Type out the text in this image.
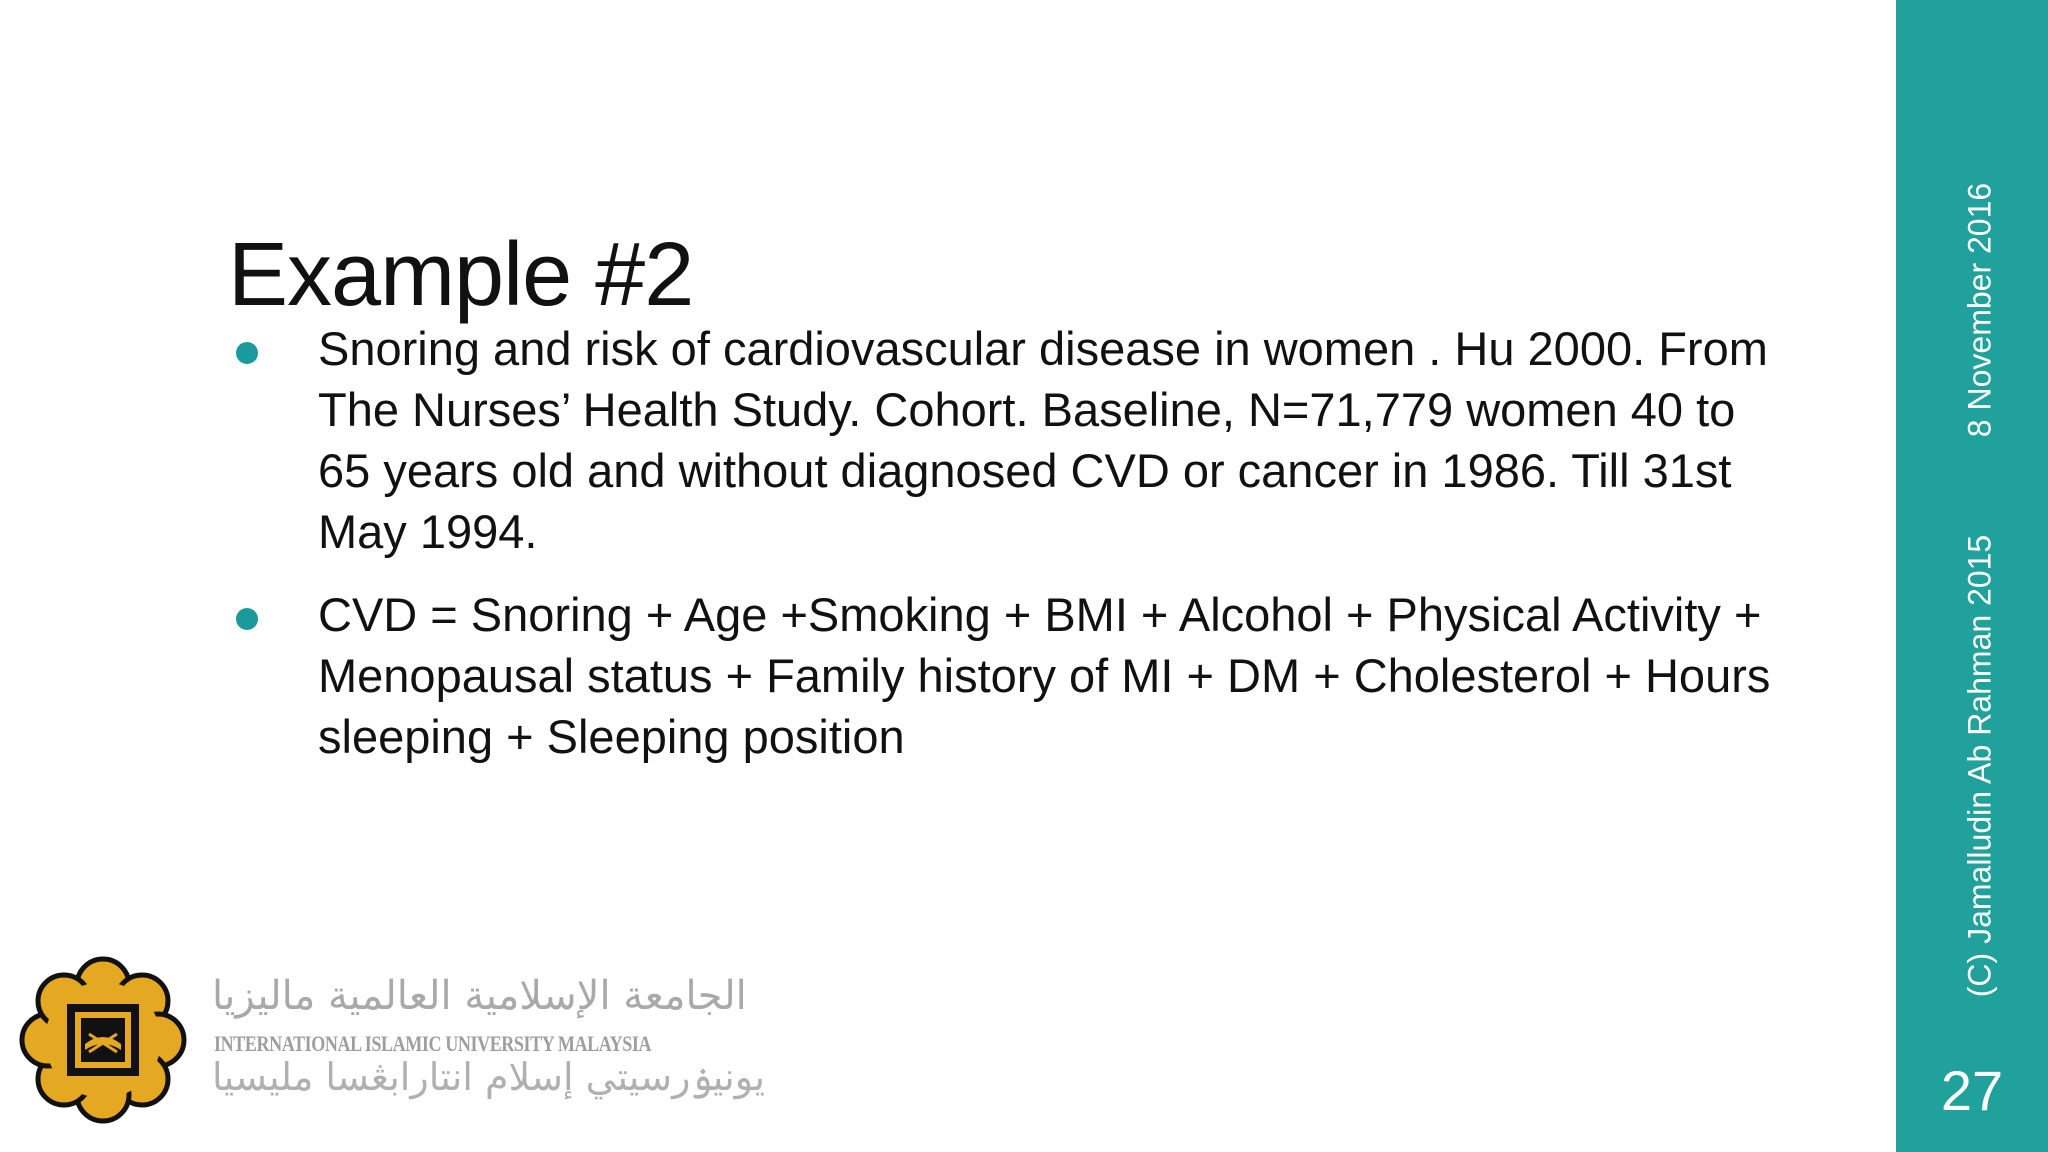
Example #2
Snoring and risk of cardiovascular disease in women . Hu 2000. From The Nurses’ Health Study. Cohort. Baseline, N=71,779 women 40 to 65 years old and without diagnosed CVD or cancer in 1986. Till 31st May 1994.
CVD = Snoring + Age +Smoking + BMI + Alcohol + Physical Activity + Menopausal status + Family history of MI + DM + Cholesterol + Hours sleeping + Sleeping position
8 November 2016
(C) Jamalludin Ab Rahman 2015
27
الجامعة الإسلامية العالمية ماليزيا
INTERNATIONAL ISLAMIC UNIVERSITY MALAYSIA
يونيۏرسيتي إسلام انتارابڠسا مليسيا
